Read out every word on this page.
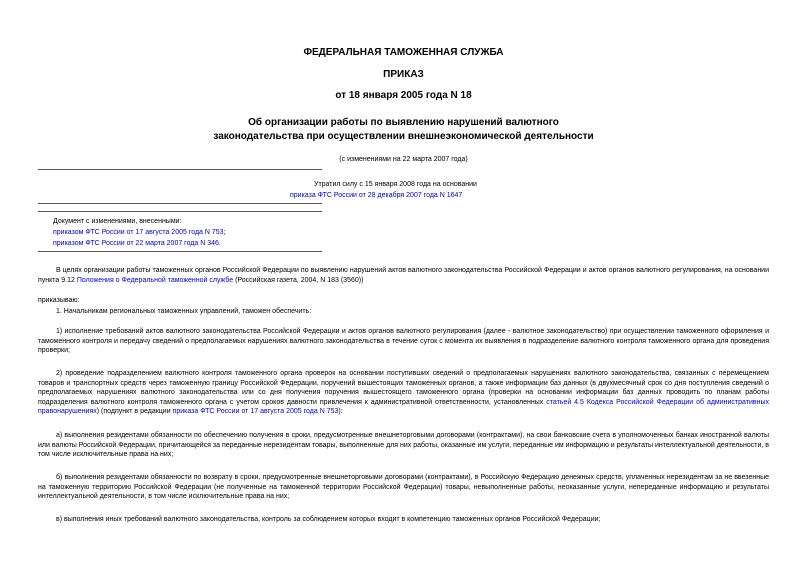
ФЕДЕРАЛЬНАЯ ТАМОЖЕННАЯ СЛУЖБА
ПРИКАЗ
от 18 января 2005 года N 18
Об организации работы по выявлению нарушений валютного
законодательства при осуществлении внешнеэкономической деятельности
(с изменениями на 22 марта 2007 года)
Утратил силу с 15 января 2008 года на основании
приказа ФТС России от 28 декабря 2007 года N 1647
Документ с изменениями, внесенными:
приказом ФТС России от 17 августа 2005 года N 753;
приказом ФТС России от 22 марта 2007 года N 346.

В целях организации работы таможенных органов Российской Федерации по выявлению нарушений актов валютного законодательства Российской Федерации и актов органов валютного регулирования, на основании пункта 9.12 Положения о Федеральной таможенной службе (Российская газета, 2004, N 183 (3560))

приказываю:
1. Начальникам региональных таможенных управлений, таможен обеспечить:

1) исполнение требований актов валютного законодательства Российской Федерации и актов органов валютного регулирования (далее - валютное законодательство) при осуществлении таможенного оформления и таможенного контроля и передачу сведений о предполагаемых нарушениях валютного законодательства в течение суток с момента их выявления в подразделение валютного контроля таможенного органа для проведения проверки;

2) проведение подразделением валютного контроля таможенного органа проверок на основании поступивших сведений о предполагаемых нарушениях валютного законодательства, связанных с перемещением товаров и транспортных средств через таможенную границу Российской Федерации, поручений вышестоящих таможенных органов, а также информации баз данных (в двухмесячный срок со дня поступления сведений о предполагаемых нарушениях валютного законодательства или со дня получения поручения вышестоящего таможенного органа (проверки на основании информации баз данных проводить по планам работы подразделения валютного контроля таможенного органа с учетом сроков давности привлечения к административной ответственности, установленных статьей 4.5 Кодекса Российской Федерации об административных правонарушениях) (подпункт в редакции приказа ФТС России от 17 августа 2005 года N 753):

а) выполнения резидентами обязанности по обеспечению получения в сроки, предусмотренные внешнеторговыми договорами (контрактами), на свои банковские счета в уполномоченных банках иностранной валюты или валюты Российской Федерации, причитающейся за переданные нерезидентам товары, выполненные для них работы, оказанные им услуги, переданные им информацию и результаты интеллектуальной деятельности, в том числе исключительные права на них;

б) выполнения резидентами обязанности по возврату в сроки, предусмотренные внешнеторговыми договорами (контрактами), в Российскую Федерацию денежных средств, уплаченных нерезидентам за не ввезенные на таможенную территорию Российской Федерации (не полученные на таможенной территории Российской Федерации) товары, невыполненные работы, неоказанные услуги, непереданные информацию и результаты интеллектуальной деятельности, в том числе исключительные права на них;

в) выполнения иных требований валютного законодательства, контроль за соблюдением которых входит в компетенцию таможенных органов Российской Федерации;
